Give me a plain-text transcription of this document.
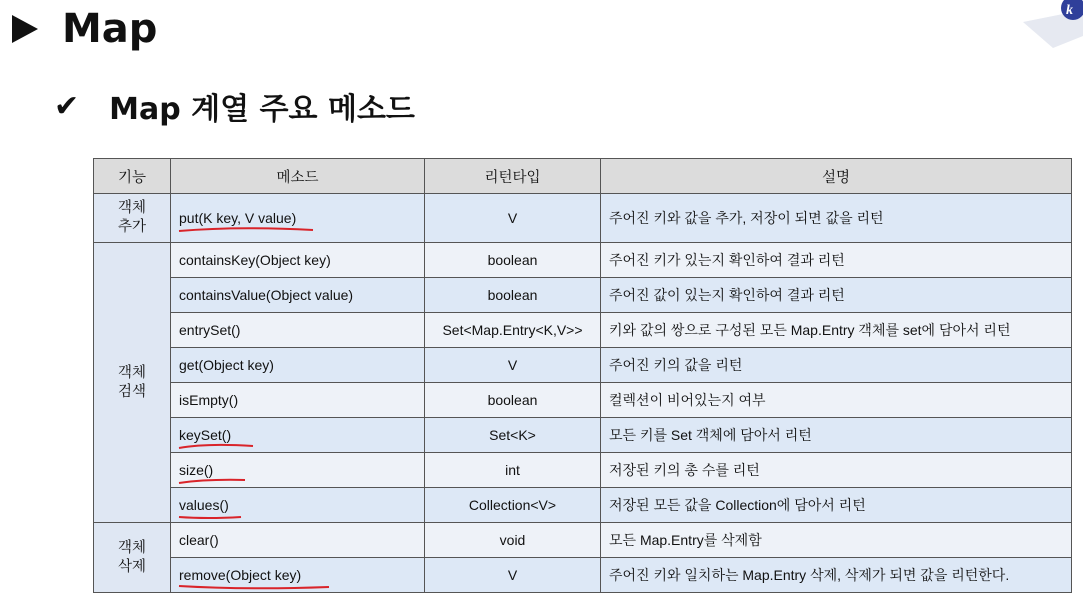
Map	k
✔ Map 계열 주요 메소드
기능	메소드	리턴타입	설명

객체
추가	put(K key, V value)	V	주어진 키와 값을 추가, 저장이 되면 값을 리턴

객체
검색	containsKey(Object key)	boolean	주어진 키가 있는지 확인하여 결과 리턴
	containsValue(Object value)	boolean	주어진 값이 있는지 확인하여 결과 리턴
	entrySet()	Set<Map.Entry<K,V>>	키와 값의 쌍으로 구성된 모든 Map.Entry 객체를 set에 담아서 리턴
	get(Object key)	V	주어진 키의 값을 리턴
	isEmpty()	boolean	컬렉션이 비어있는지 여부
	keySet()	Set<K>	모든 키를 Set 객체에 담아서 리턴
	size()	int	저장된 키의 총 수를 리턴
	values()	Collection<V>	저장된 모든 값을 Collection에 담아서 리턴

객체
삭제	clear()	void	모든 Map.Entry를 삭제함
	remove(Object key)	V	주어진 키와 일치하는 Map.Entry 삭제, 삭제가 되면 값을 리턴한다.
